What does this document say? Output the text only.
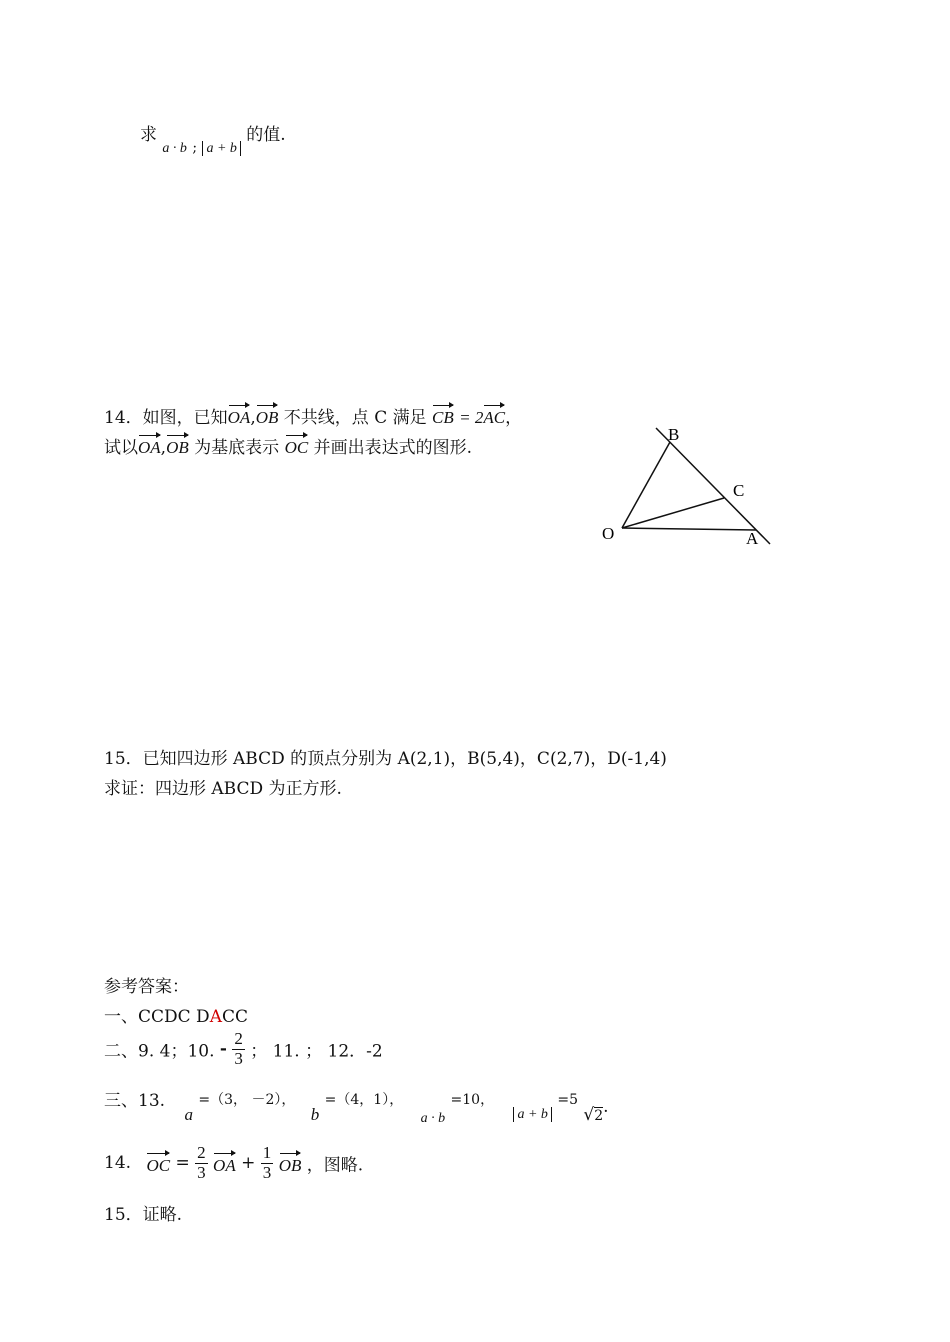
求 $_{a \cdot b}$ $_;$ $_{a + b}$ 的值.
14．如图，已知OA,OB 不共线，点 C 满足 CB = 2AC，
试以OA,OB 为基底表示 OC 并画出表达式的图形.
B
C
O	A
15．已知四边形 ABCD 的顶点分别为 A(2,1)，B(5,4)，C(2,7)，D(-1,4)
求证：四边形 ABCD 为正方形.
参考答案：
一、CCDC DACC
二、9. 4；10. - $\frac{2}{3}$ ； 11. ； 12．-2
三、13. a =（3， －2）， b =（4，1）， $_{a \cdot b}$ =10， $_{a + b}$ =5 $√_2$.
14. OC = $\frac{2}{3}$ OA + $\frac{1}{3}$ OB ，图略.
15．证略.
